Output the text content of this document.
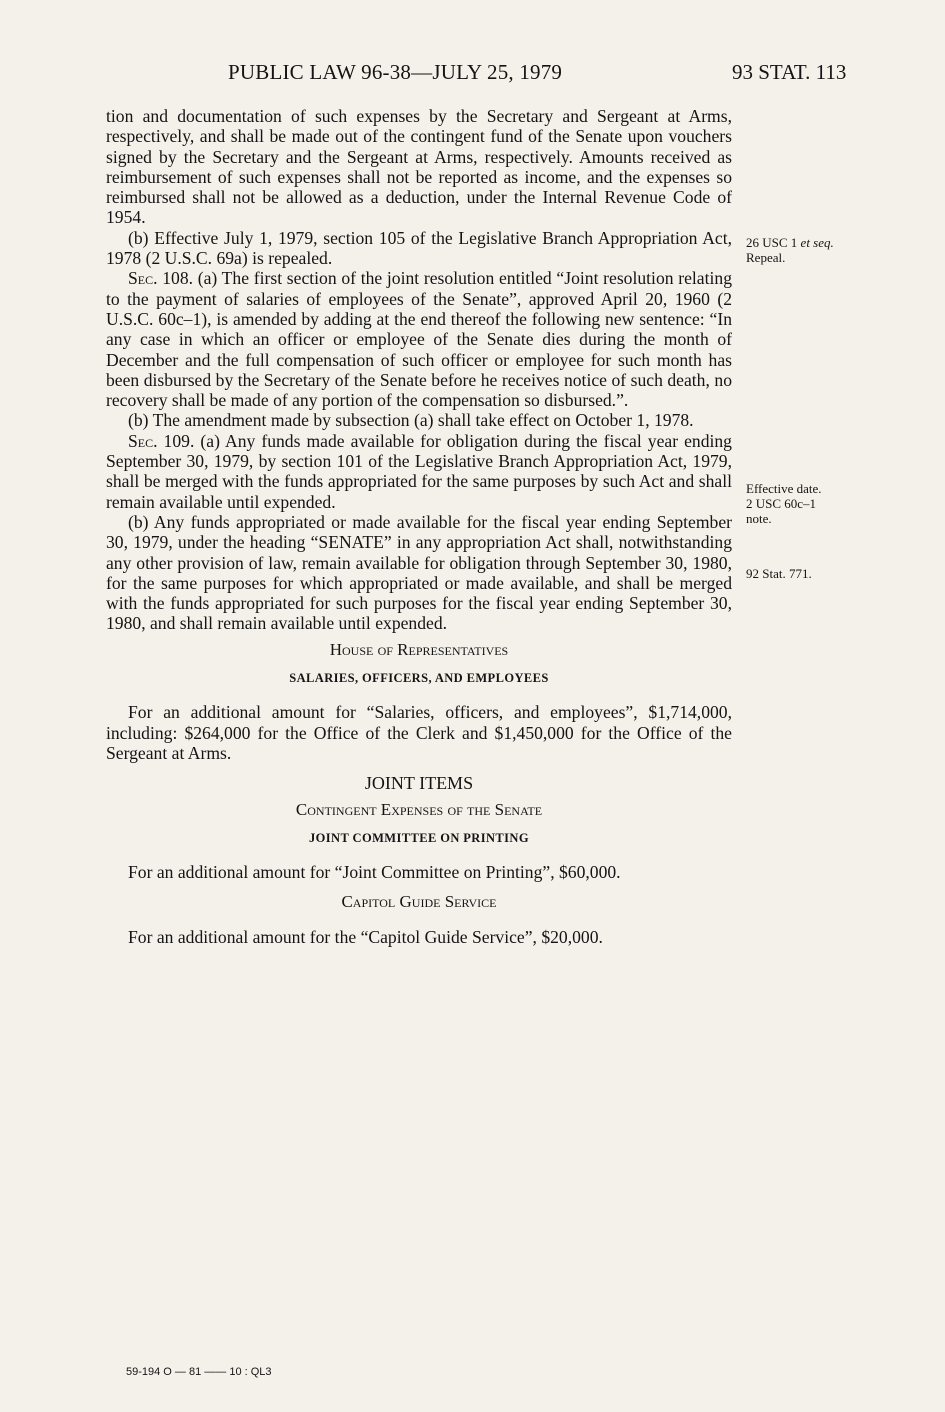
PUBLIC LAW 96-38—JULY 25, 1979	93 STAT. 113

tion and documentation of such expenses by the Secretary and Sergeant at Arms, respectively, and shall be made out of the contingent fund of the Senate upon vouchers signed by the Secretary and the Sergeant at Arms, respectively. Amounts received as reimbursement of such expenses shall not be reported as income, and the expenses so reimbursed shall not be allowed as a deduction, under the Internal Revenue Code of 1954.

(b) Effective July 1, 1979, section 105 of the Legislative Branch Appropriation Act, 1978 (2 U.S.C. 69a) is repealed.

Sec. 108. (a) The first section of the joint resolution entitled “Joint resolution relating to the payment of salaries of employees of the Senate”, approved April 20, 1960 (2 U.S.C. 60c–1), is amended by adding at the end thereof the following new sentence: “In any case in which an officer or employee of the Senate dies during the month of December and the full compensation of such officer or employee for such month has been disbursed by the Secretary of the Senate before he receives notice of such death, no recovery shall be made of any portion of the compensation so disbursed.”.

(b) The amendment made by subsection (a) shall take effect on October 1, 1978.

Sec. 109. (a) Any funds made available for obligation during the fiscal year ending September 30, 1979, by section 101 of the Legislative Branch Appropriation Act, 1979, shall be merged with the funds appropriated for the same purposes by such Act and shall remain available until expended.

(b) Any funds appropriated or made available for the fiscal year ending September 30, 1979, under the heading “SENATE” in any appropriation Act shall, notwithstanding any other provision of law, remain available for obligation through September 30, 1980, for the same purposes for which appropriated or made available, and shall be merged with the funds appropriated for such purposes for the fiscal year ending September 30, 1980, and shall remain available until expended.

House of Representatives
SALARIES, OFFICERS, AND EMPLOYEES

For an additional amount for “Salaries, officers, and employees”, $1,714,000, including: $264,000 for the Office of the Clerk and $1,450,000 for the Office of the Sergeant at Arms.

JOINT ITEMS
Contingent Expenses of the Senate
JOINT COMMITTEE ON PRINTING

For an additional amount for “Joint Committee on Printing”, $60,000.

Capitol Guide Service

For an additional amount for the “Capitol Guide Service”, $20,000.

26 USC 1 et seq.
Repeal.
Effective date.
2 USC 60c–1
note.
92 Stat. 771.
59-194 O — 81 —— 10 : QL3
